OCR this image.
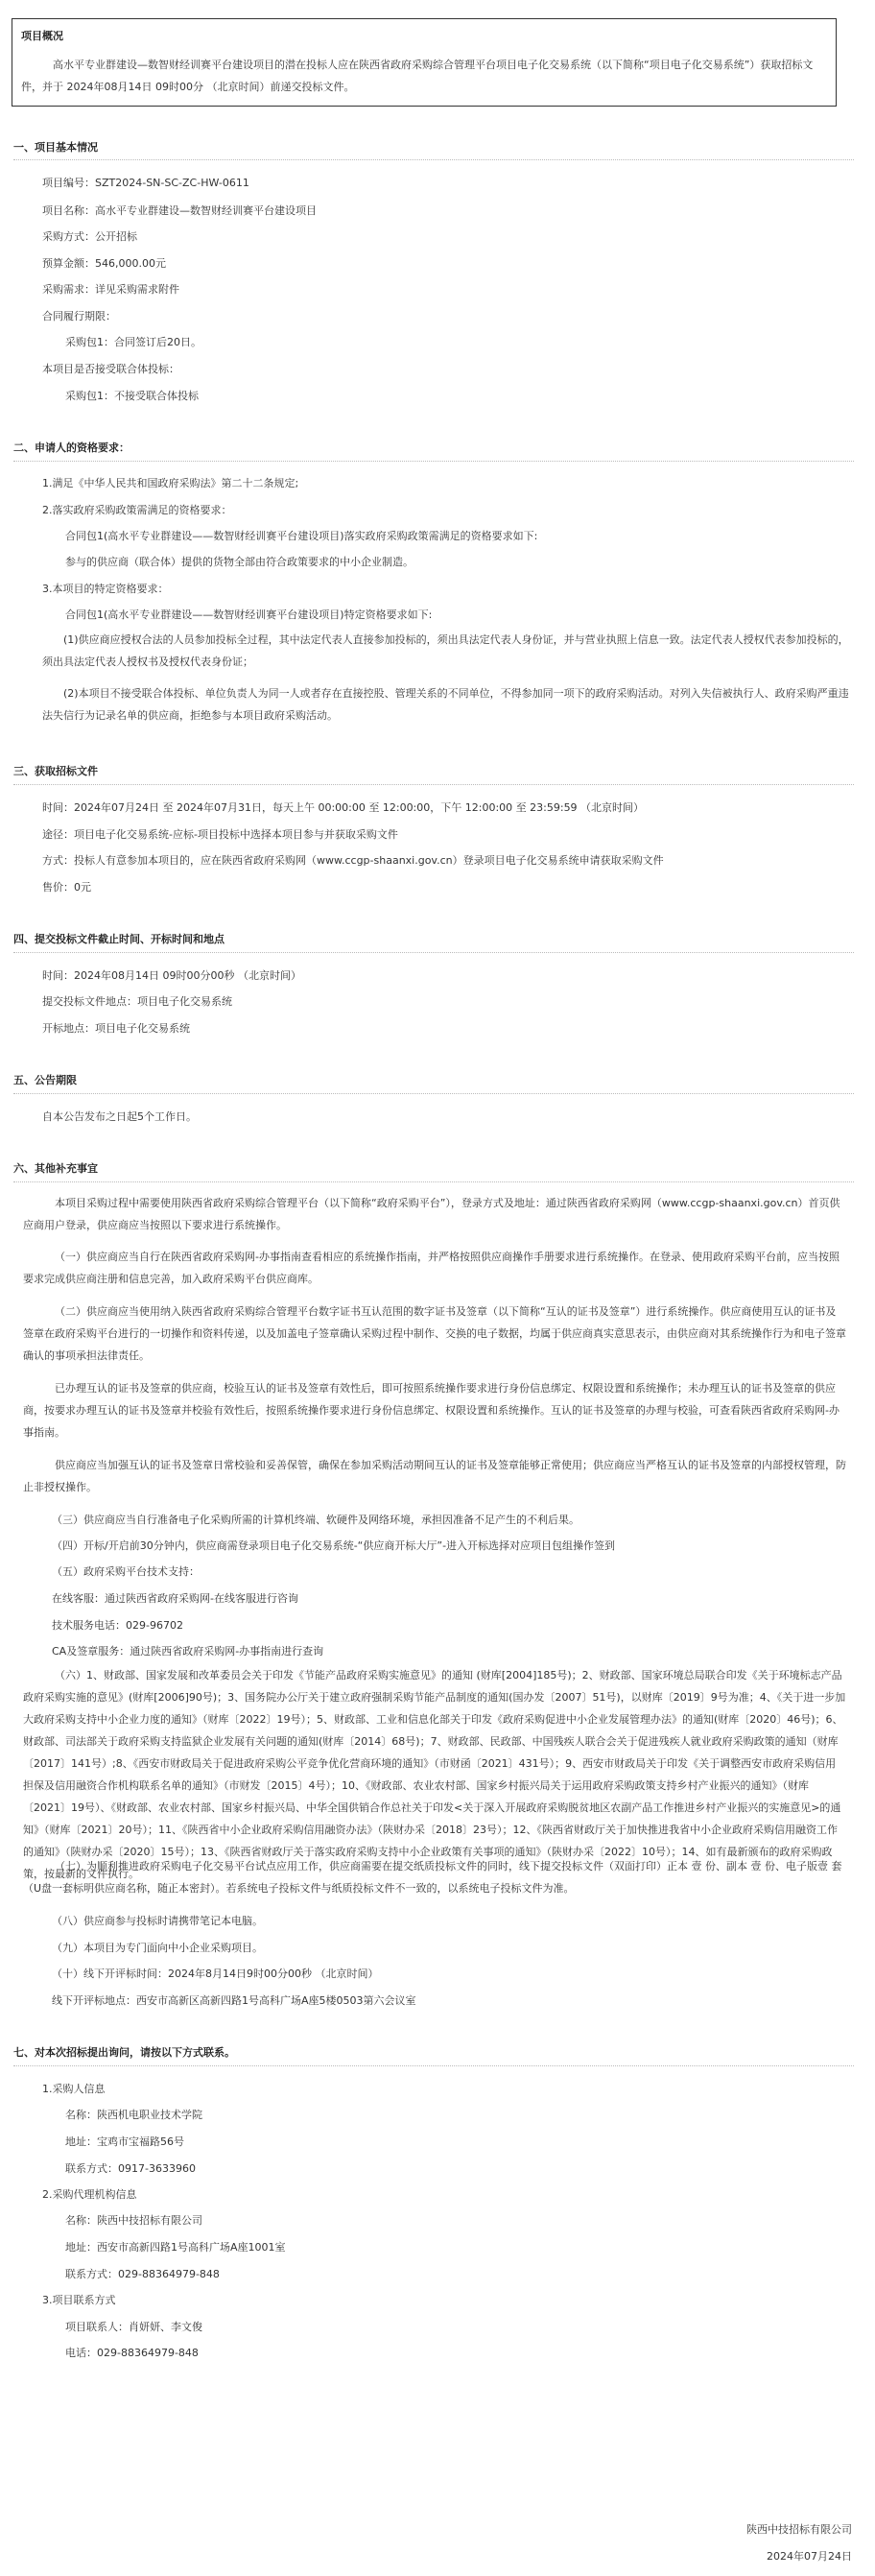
项目概况
高水平专业群建设—数智财经训赛平台建设项目的潜在投标人应在陕西省政府采购综合管理平台项目电子化交易系统（以下简称“项目电子化交易系统”）获取招标文件，并于 2024年08月14日 09时00分 （北京时间）前递交投标文件。
一、项目基本情况
项目编号：SZT2024-SN-SC-ZC-HW-0611
项目名称：高水平专业群建设—数智财经训赛平台建设项目
采购方式：公开招标
预算金额：546,000.00元
采购需求：详见采购需求附件
合同履行期限：
采购包1：合同签订后20日。
本项目是否接受联合体投标：
采购包1：不接受联合体投标
二、申请人的资格要求：
1.满足《中华人民共和国政府采购法》第二十二条规定;
2.落实政府采购政策需满足的资格要求：
合同包1(高水平专业群建设——数智财经训赛平台建设项目)落实政府采购政策需满足的资格要求如下:
参与的供应商（联合体）提供的货物全部由符合政策要求的中小企业制造。
3.本项目的特定资格要求：
合同包1(高水平专业群建设——数智财经训赛平台建设项目)特定资格要求如下:
(1)供应商应授权合法的人员参加投标全过程，其中法定代表人直接参加投标的，须出具法定代表人身份证，并与营业执照上信息一致。法定代表人授权代表参加投标的，须出具法定代表人授权书及授权代表身份证；
(2)本项目不接受联合体投标、单位负责人为同一人或者存在直接控股、管理关系的不同单位，不得参加同一项下的政府采购活动。对列入失信被执行人、政府采购严重违法失信行为记录名单的供应商，拒绝参与本项目政府采购活动。
三、获取招标文件
时间：2024年07月24日 至 2024年07月31日，每天上午 00:00:00 至 12:00:00，下午 12:00:00 至 23:59:59 （北京时间）
途径：项目电子化交易系统-应标-项目投标中选择本项目参与并获取采购文件
方式：投标人有意参加本项目的，应在陕西省政府采购网（www.ccgp-shaanxi.gov.cn）登录项目电子化交易系统申请获取采购文件
售价：0元
四、提交投标文件截止时间、开标时间和地点
时间：2024年08月14日 09时00分00秒 （北京时间）
提交投标文件地点：项目电子化交易系统
开标地点：项目电子化交易系统
五、公告期限
自本公告发布之日起5个工作日。
六、其他补充事宜
本项目采购过程中需要使用陕西省政府采购综合管理平台（以下简称“政府采购平台”），登录方式及地址：通过陕西省政府采购网（www.ccgp-shaanxi.gov.cn）首页供应商用户登录，供应商应当按照以下要求进行系统操作。
（一）供应商应当自行在陕西省政府采购网-办事指南查看相应的系统操作指南，并严格按照供应商操作手册要求进行系统操作。在登录、使用政府采购平台前，应当按照要求完成供应商注册和信息完善，加入政府采购平台供应商库。
（二）供应商应当使用纳入陕西省政府采购综合管理平台数字证书互认范围的数字证书及签章（以下简称“互认的证书及签章”）进行系统操作。供应商使用互认的证书及签章在政府采购平台进行的一切操作和资料传递，以及加盖电子签章确认采购过程中制作、交换的电子数据，均属于供应商真实意思表示，由供应商对其系统操作行为和电子签章确认的事项承担法律责任。
已办理互认的证书及签章的供应商，校验互认的证书及签章有效性后，即可按照系统操作要求进行身份信息绑定、权限设置和系统操作；未办理互认的证书及签章的供应商，按要求办理互认的证书及签章并校验有效性后，按照系统操作要求进行身份信息绑定、权限设置和系统操作。互认的证书及签章的办理与校验，可查看陕西省政府采购网-办事指南。
供应商应当加强互认的证书及签章日常校验和妥善保管，确保在参加采购活动期间互认的证书及签章能够正常使用；供应商应当严格互认的证书及签章的内部授权管理，防止非授权操作。
（三）供应商应当自行准备电子化采购所需的计算机终端、软硬件及网络环境，承担因准备不足产生的不利后果。
（四）开标/开启前30分钟内，供应商需登录项目电子化交易系统-“供应商开标大厅”-进入开标选择对应项目包组操作签到
（五）政府采购平台技术支持：
在线客服：通过陕西省政府采购网-在线客服进行咨询
技术服务电话：029-96702
CA及签章服务：通过陕西省政府采购网-办事指南进行查询
（六）1、财政部、国家发展和改革委员会关于印发《节能产品政府采购实施意见》的通知 (财库[2004]185号)；2、财政部、国家环境总局联合印发《关于环境标志产品政府采购实施的意见》(财库[2006]90号)；3、国务院办公厅关于建立政府强制采购节能产品制度的通知(国办发〔2007〕51号)，以财库〔2019〕9号为准；4、《关于进一步加大政府采购支持中小企业力度的通知》（财库〔2022〕19号）；5、财政部、工业和信息化部关于印发《政府采购促进中小企业发展管理办法》的通知(财库〔2020〕46号)；6、财政部、司法部关于政府采购支持监狱企业发展有关问题的通知(财库〔2014〕68号)；7、财政部、民政部、中国残疾人联合会关于促进残疾人就业政府采购政策的通知（财库〔2017〕141号）;8、《西安市财政局关于促进政府采购公平竞争优化营商环境的通知》（市财函〔2021〕431号）；9、西安市财政局关于印发《关于调整西安市政府采购信用担保及信用融资合作机构联系名单的通知》（市财发〔2015〕4号）；10、《财政部、农业农村部、国家乡村振兴局关于运用政府采购政策支持乡村产业振兴的通知》（财库〔2021〕19号）、《财政部、农业农村部、国家乡村振兴局、中华全国供销合作总社关于印发<关于深入开展政府采购脱贫地区农副产品工作推进乡村产业振兴的实施意见>的通知》（财库〔2021〕20号）；11、《陕西省中小企业政府采购信用融资办法》（陕财办采〔2018〕23号）；12、《陕西省财政厅关于加快推进我省中小企业政府采购信用融资工作的通知》（陕财办采〔2020〕15号）；13、《陕西省财政厅关于落实政府采购支持中小企业政策有关事项的通知》（陕财办采〔2022〕10号）；14、如有最新颁布的政府采购政策，按最新的文件执行。
（七）为顺利推进政府采购电子化交易平台试点应用工作，供应商需要在提交纸质投标文件的同时，线下提交投标文件（双面打印）正本 壹 份、副本 壹 份、电子版壹 套（U盘一套标明供应商名称，随正本密封）。若系统电子投标文件与纸质投标文件不一致的，以系统电子投标文件为准。
（八）供应商参与投标时请携带笔记本电脑。
（九）本项目为专门面向中小企业采购项目。
（十）线下开评标时间：2024年8月14日9时00分00秒 （北京时间）
线下开评标地点：西安市高新区高新四路1号高科广场A座5楼0503第六会议室
七、对本次招标提出询问，请按以下方式联系。
1.采购人信息
名称：陕西机电职业技术学院
地址：宝鸡市宝福路56号
联系方式：0917-3633960
2.采购代理机构信息
名称：陕西中技招标有限公司
地址：西安市高新四路1号高科广场A座1001室
联系方式：029-88364979-848
3.项目联系方式
项目联系人：肖妍妍、李文俊
电话：029-88364979-848
陕西中技招标有限公司
2024年07月24日
